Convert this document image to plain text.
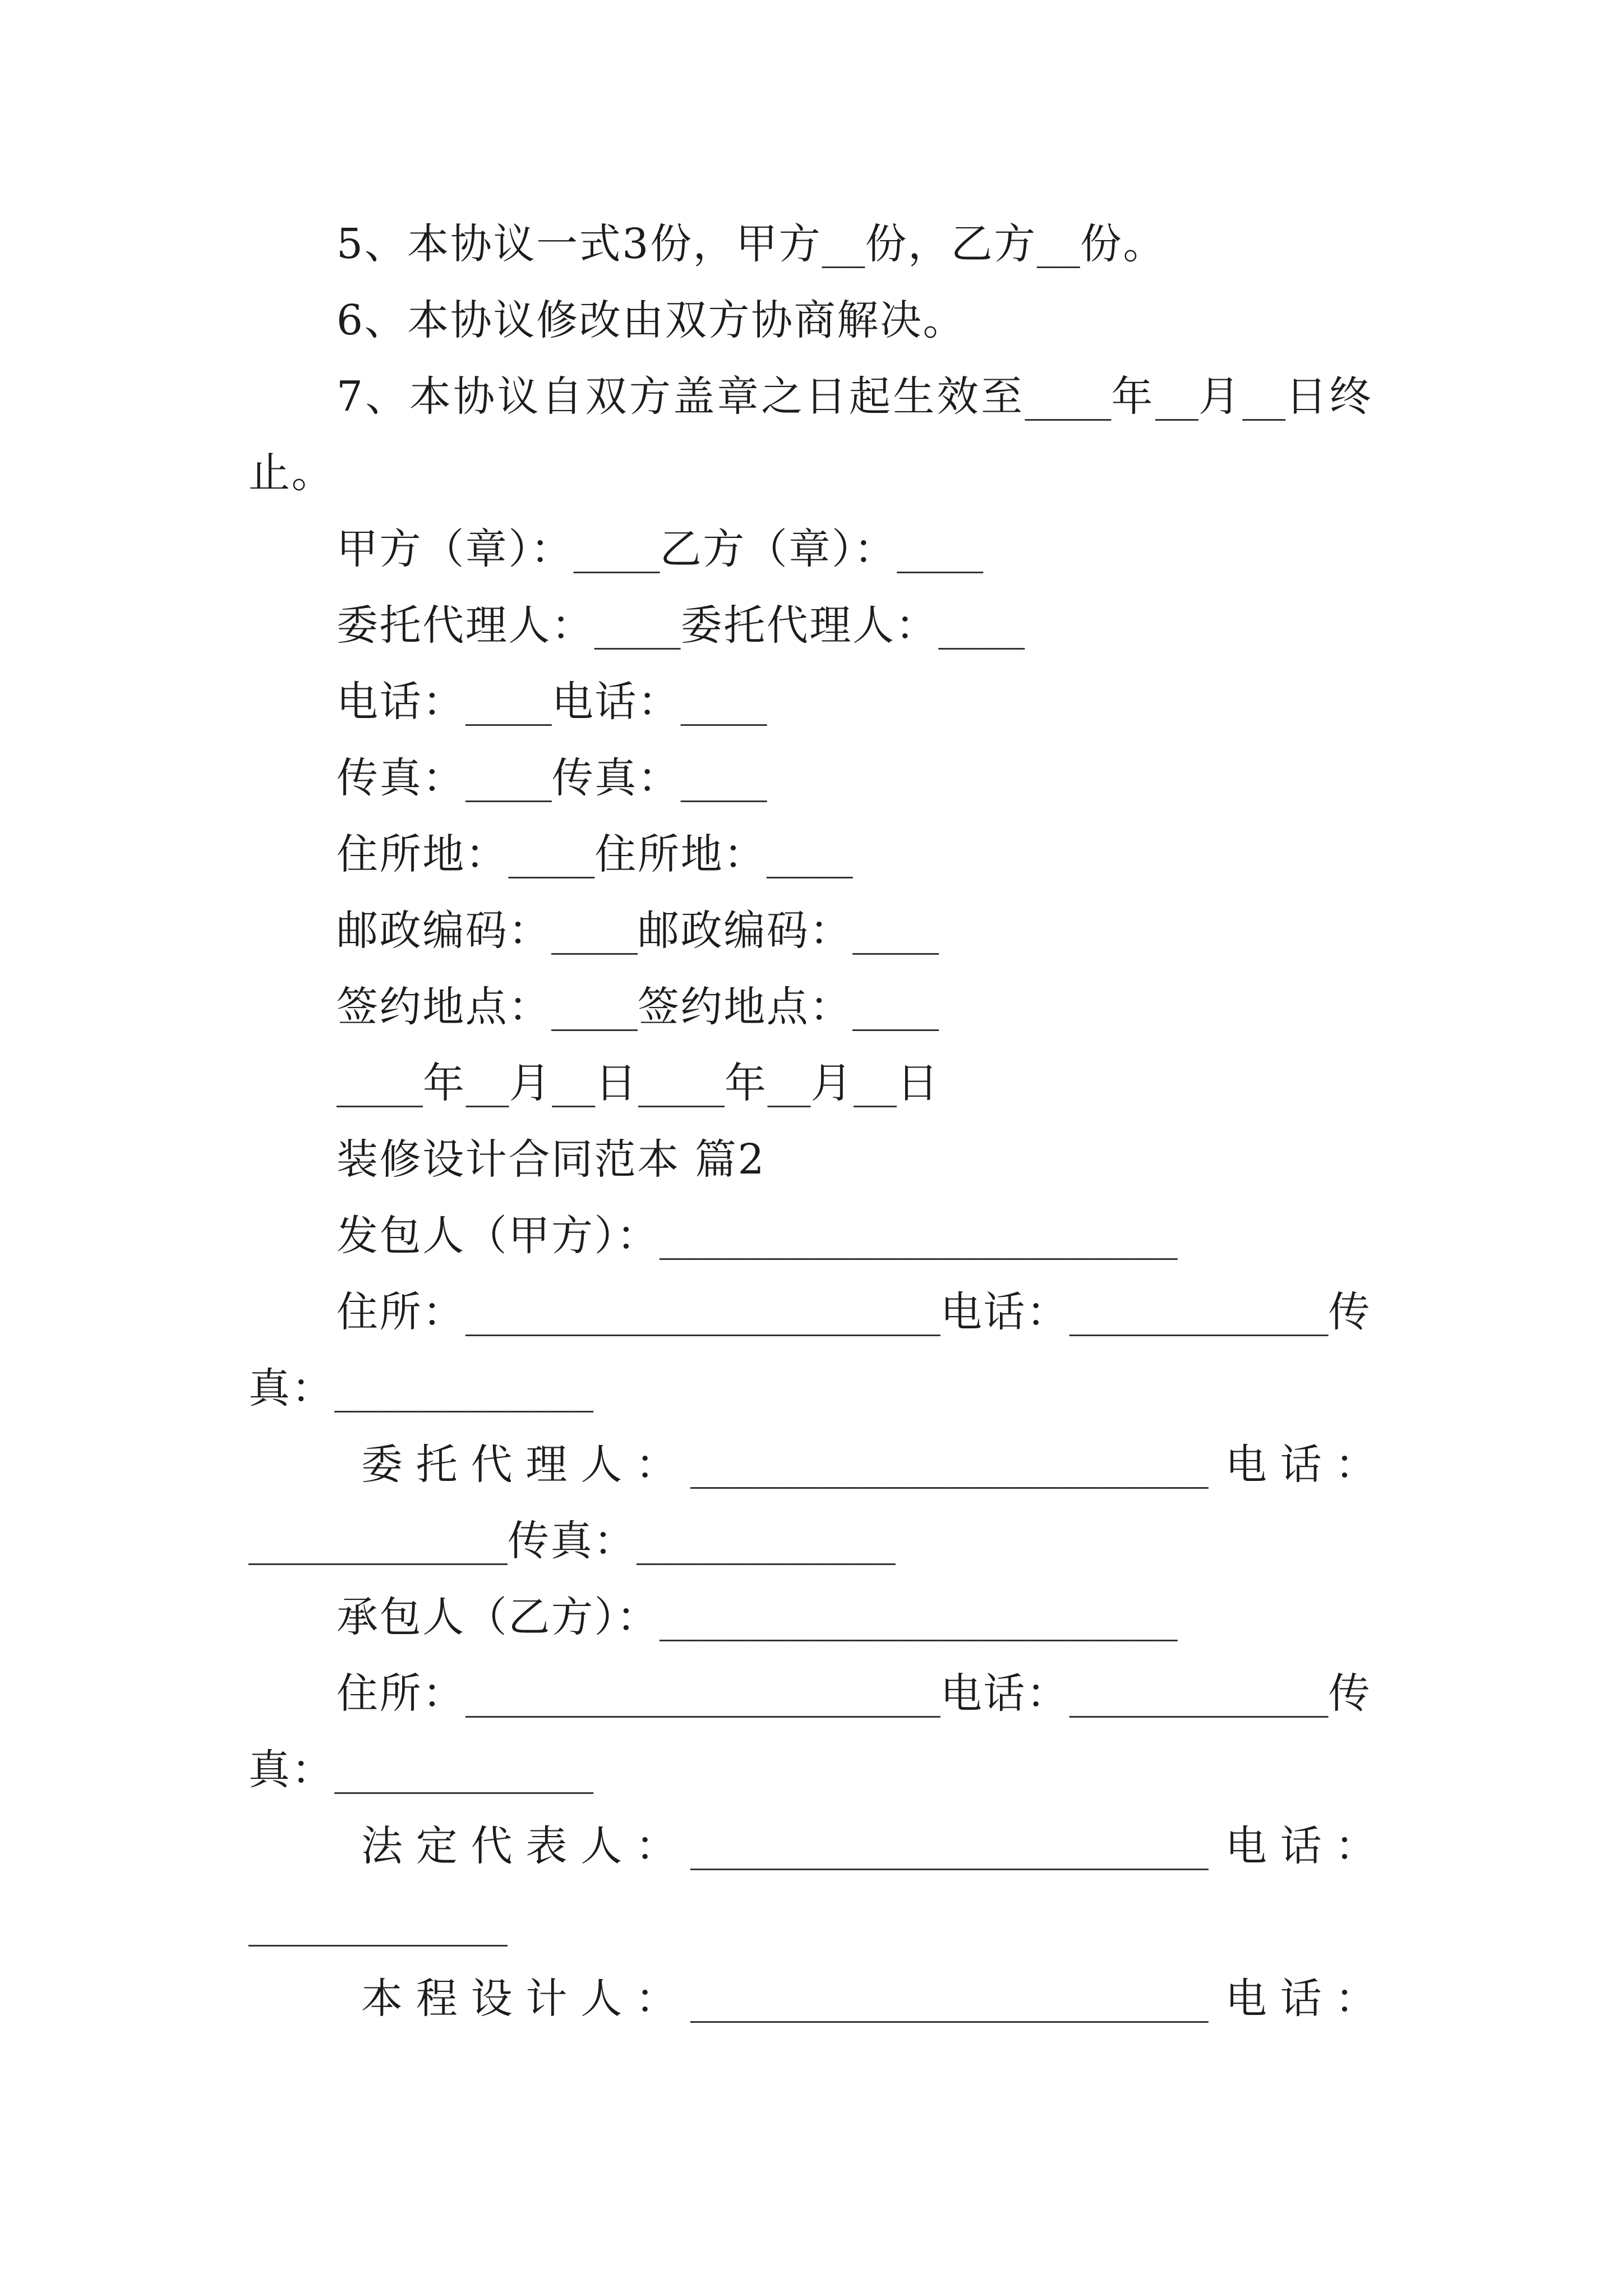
5、本协议一式3份，甲方 __ 份，乙方 __ 份。
6、本协议修改由双方协商解决。
7、本协议自双方盖章之日起生效至 ____ 年 __ 月 __ 日终
止。
甲方（章）： ____ 乙方（章）： ____
委托代理人： ____ 委托代理人： ____
电话： ____ 电话： ____
传真： ____ 传真： ____
住所地： ____ 住所地： ____
邮政编码： ____ 邮政编码： ____
签约地点： ____ 签约地点： ____
____ 年 __ 月 __ 日 ____ 年 __ 月 __ 日
装修设计合同范本 篇2
发包人（甲方）： ________________________
住所： ______________________ 电话： ____________ 传
真： ____________
委托代理人： ________________________ 电话：
____________ 传真： ____________
承包人（乙方）： ________________________
住所： ______________________ 电话： ____________ 传
真： ____________
法定代表人： ________________________ 电话：
____________
本程设计人： ________________________ 电话：
